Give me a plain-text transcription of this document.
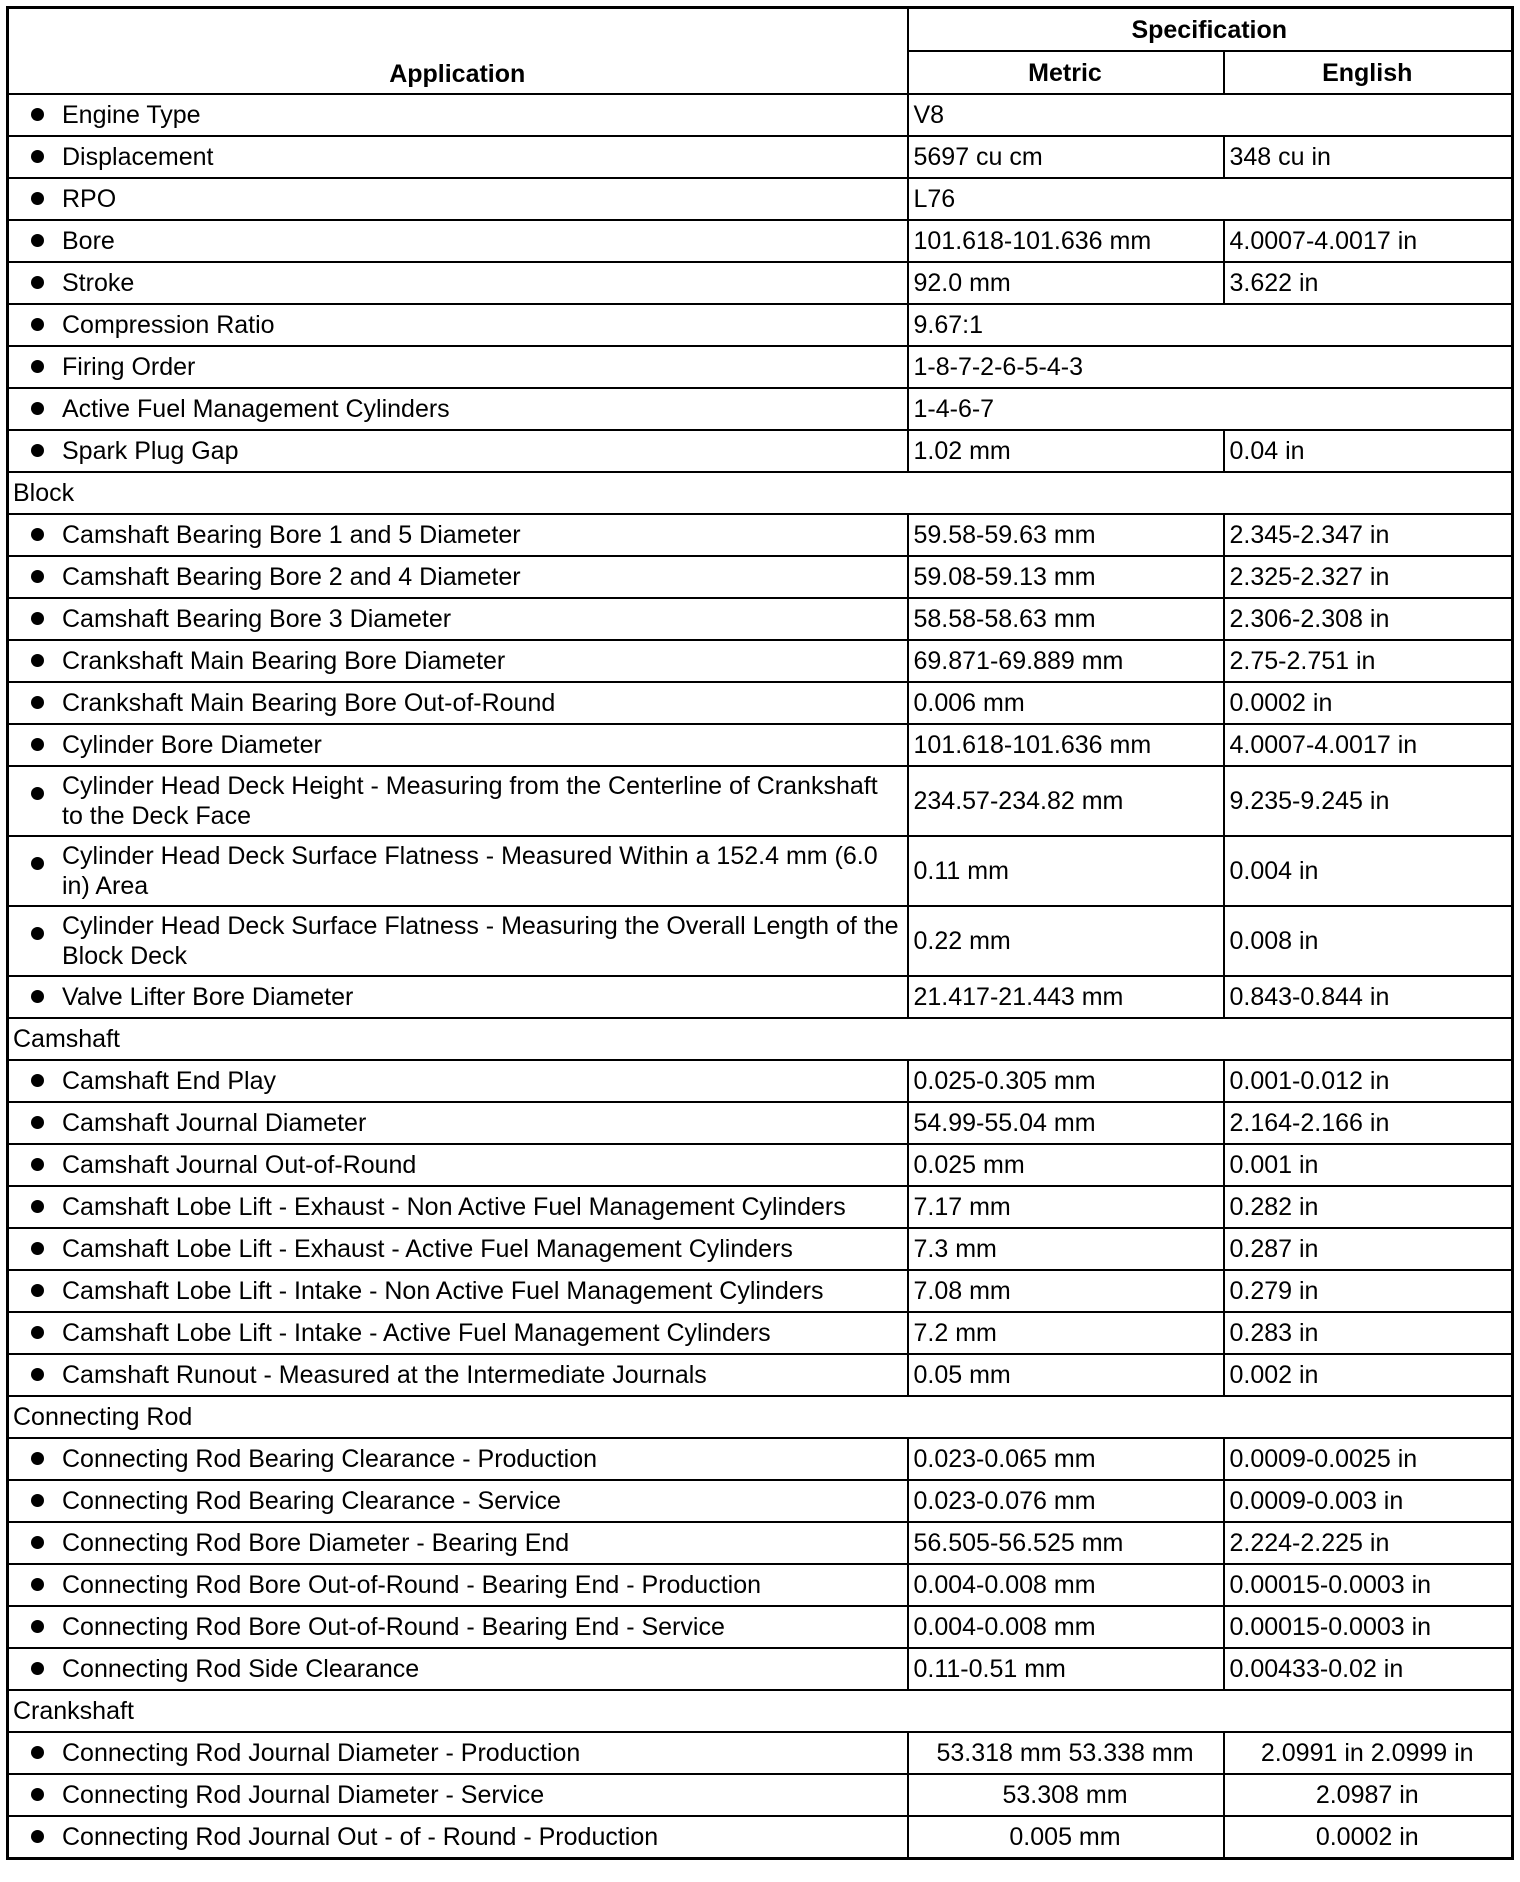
Application	Specification	
	Metric	English

Engine Type	V8	

Displacement	5697 cu cm	348 cu in

RPO	L76	

Bore	101.618-101.636 mm	4.0007-4.0017 in

Stroke	92.0 mm	3.622 in

Compression Ratio	9.67:1	

Firing Order	1-8-7-2-6-5-4-3	

Active Fuel Management Cylinders	1-4-6-7	

Spark Plug Gap	1.02 mm	0.04 in
Block		

Camshaft Bearing Bore 1 and 5 Diameter	59.58-59.63 mm	2.345-2.347 in

Camshaft Bearing Bore 2 and 4 Diameter	59.08-59.13 mm	2.325-2.327 in

Camshaft Bearing Bore 3 Diameter	58.58-58.63 mm	2.306-2.308 in

Crankshaft Main Bearing Bore Diameter	69.871-69.889 mm	2.75-2.751 in

Crankshaft Main Bearing Bore Out-of-Round	0.006 mm	0.0002 in

Cylinder Bore Diameter	101.618-101.636 mm	4.0007-4.0017 in

Cylinder Head Deck Height - Measuring from the Centerline of Crankshaft to the Deck Face	234.57-234.82 mm	9.235-9.245 in

Cylinder Head Deck Surface Flatness - Measured Within a 152.4 mm (6.0 in) Area	0.11 mm	0.004 in

Cylinder Head Deck Surface Flatness - Measuring the Overall Length of the Block Deck	0.22 mm	0.008 in

Valve Lifter Bore Diameter	21.417-21.443 mm	0.843-0.844 in
Camshaft		

Camshaft End Play	0.025-0.305 mm	0.001-0.012 in

Camshaft Journal Diameter	54.99-55.04 mm	2.164-2.166 in

Camshaft Journal Out-of-Round	0.025 mm	0.001 in

Camshaft Lobe Lift - Exhaust - Non Active Fuel Management Cylinders	7.17 mm	0.282 in

Camshaft Lobe Lift - Exhaust - Active Fuel Management Cylinders	7.3 mm	0.287 in

Camshaft Lobe Lift - Intake - Non Active Fuel Management Cylinders	7.08 mm	0.279 in

Camshaft Lobe Lift - Intake - Active Fuel Management Cylinders	7.2 mm	0.283 in

Camshaft Runout - Measured at the Intermediate Journals	0.05 mm	0.002 in
Connecting Rod		

Connecting Rod Bearing Clearance - Production	0.023-0.065 mm	0.0009-0.0025 in

Connecting Rod Bearing Clearance - Service	0.023-0.076 mm	0.0009-0.003 in

Connecting Rod Bore Diameter - Bearing End	56.505-56.525 mm	2.224-2.225 in

Connecting Rod Bore Out-of-Round - Bearing End - Production	0.004-0.008 mm	0.00015-0.0003 in

Connecting Rod Bore Out-of-Round - Bearing End - Service	0.004-0.008 mm	0.00015-0.0003 in

Connecting Rod Side Clearance	0.11-0.51 mm	0.00433-0.02 in
Crankshaft		

Connecting Rod Journal Diameter - Production	53.318 mm 53.338 mm	2.0991 in 2.0999 in

Connecting Rod Journal Diameter - Service	53.308 mm	2.0987 in

Connecting Rod Journal Out - of - Round - Production	0.005 mm	0.0002 in
